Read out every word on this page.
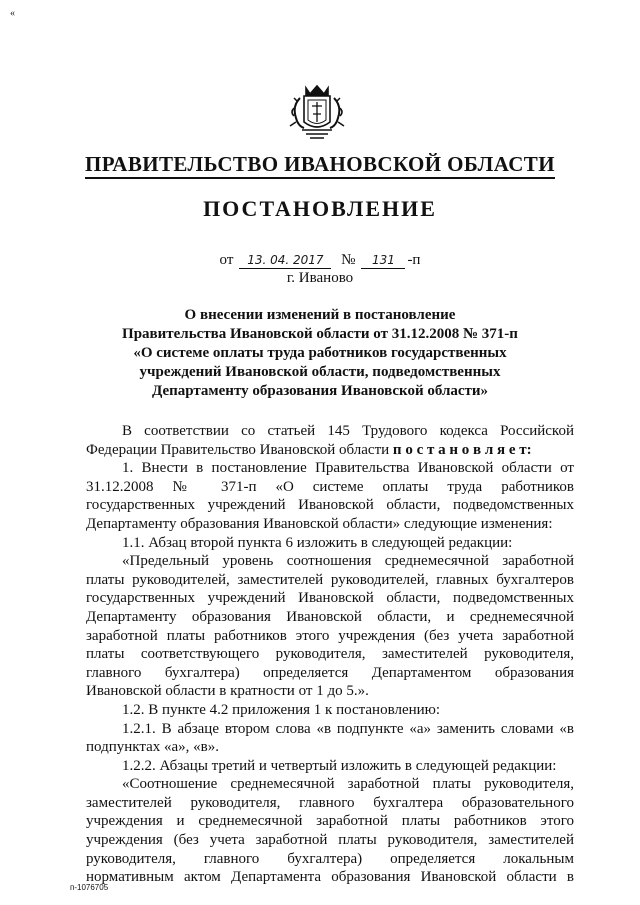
«
ПРАВИТЕЛЬСТВО ИВАНОВСКОЙ ОБЛАСТИ
ПОСТАНОВЛЕНИЕ
от 13. 04. 2017 № 131 -п
г. Иваново
О внесении изменений в постановление
Правительства Ивановской области от 31.12.2008 № 371-п
«О системе оплаты труда работников государственных
учреждений Ивановской области, подведомственных
Департаменту образования Ивановской области»
В соответствии со статьей 145 Трудового кодекса Российской
Федерации Правительство Ивановской области п о с т а н о в л я е т:
1. Внести в постановление Правительства Ивановской области от
31.12.2008 № 371-п «О системе оплаты труда работников
государственных учреждений Ивановской области, подведомственных
Департаменту образования Ивановской области» следующие изменения:
1.1. Абзац второй пункта 6 изложить в следующей редакции:
«Предельный уровень соотношения среднемесячной заработной
платы руководителей, заместителей руководителей, главных бухгалтеров
государственных учреждений Ивановской области, подведомственных
Департаменту образования Ивановской области, и среднемесячной
заработной платы работников этого учреждения (без учета заработной
платы соответствующего руководителя, заместителей руководителя,
главного бухгалтера) определяется Департаментом образования
Ивановской области в кратности от 1 до 5.».
1.2. В пункте 4.2 приложения 1 к постановлению:
1.2.1. В абзаце втором слова «в подпункте «а» заменить словами «в
подпунктах «а», «в».
1.2.2. Абзацы третий и четвертый изложить в следующей редакции:
«Соотношение среднемесячной заработной платы руководителя,
заместителей руководителя, главного бухгалтера образовательного
учреждения и среднемесячной заработной платы работников этого
учреждения (без учета заработной платы руководителя, заместителей
руководителя, главного бухгалтера) определяется локальным
нормативным актом Департамента образования Ивановской области в
п-1076705
